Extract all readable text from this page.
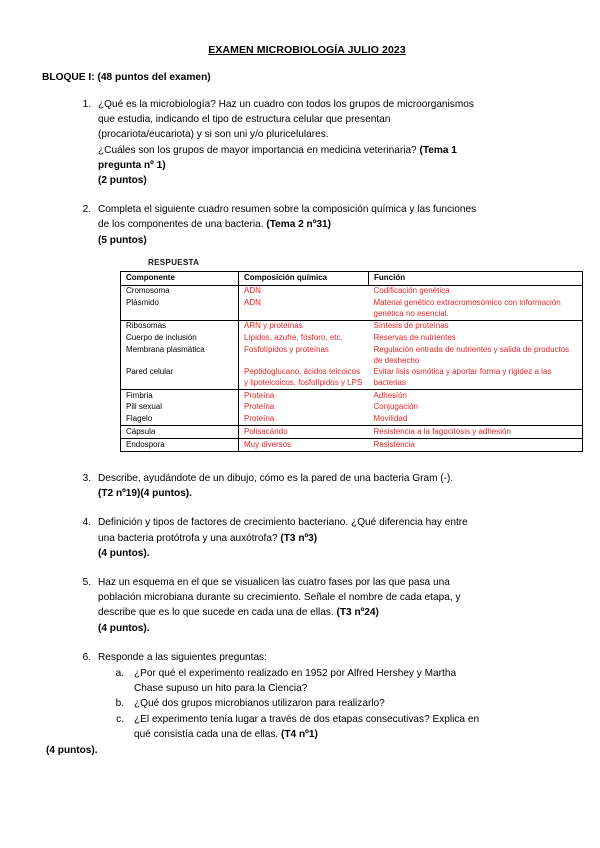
EXAMEN MICROBIOLOGÍA JULIO 2023
BLOQUE I: (48 puntos del examen)
1. ¿Qué es la microbiología? Haz un cuadro con todos los grupos de microorganismos
que estudia, indicando el tipo de estructura celular que presentan
(procariota/eucariota) y si son uni y/o pluricelulares.
¿Cuáles son los grupos de mayor importancia en medicina veterinaria? (Tema 1
pregunta nº 1)
(2 puntos)
2. Completa el siguiente cuadro resumen sobre la composición química y las funciones
de los componentes de una bacteria. (Tema 2 nº31)
(5 puntos)
RESPUESTA
Componente	Composición química	Función
Cromosoma	ADN	Codificación genética
Plásmido	ADN	Material genético extracromosómico con información genética no esencial.
Ribosomas	ARN y proteínas	Síntesis de proteínas
Cuerpo de inclusión	Lípidos, azufre, fósforo, etc.	Reservas de nutrientes
Membrana plasmática	Fosfolípidos y proteínas	Regulación entrada de nutrientes y salida de productos de deshecho
Pared celular	Peptidoglucano, ácidos teicoicos y lipoteicoicos, fosfolípidos y LPS	Evitar lisis osmótica y aportar forma y rigidez a las bacterias
Fimbria	Proteína	Adhesión
Pili sexual	Proteína	Conjugación
Flagelo	Proteína	Movilidad
Cápsula	Polisacárido	Resistencia a la fagocitosis y adhesión
Endospora	Muy diversos	Resistencia
3. Describe, ayudándote de un dibujo, cómo es la pared de una bacteria Gram (-).
(T2 nº19)(4 puntos).
4. Definición y tipos de factores de crecimiento bacteriano. ¿Qué diferencia hay entre
una bacteria protótrofa y una auxótrofa? (T3 nº3)
(4 puntos).
5. Haz un esquema en el que se visualicen las cuatro fases por las que pasa una
población microbiana durante su crecimiento. Señale el nombre de cada etapa, y
describe que es lo que sucede en cada una de ellas. (T3 nº24)
(4 puntos).
6. Responde a las siguientes preguntas:
a. ¿Por qué el experimento realizado en 1952 por Alfred Hershey y Martha
Chase supuso un hito para la Ciencia?
b. ¿Qué dos grupos microbianos utilizaron para realizarlo?
c. ¿El experimento tenía lugar a través de dos etapas consecutivas? Explica en
qué consistía cada una de ellas. (T4 nº1)
(4 puntos).
